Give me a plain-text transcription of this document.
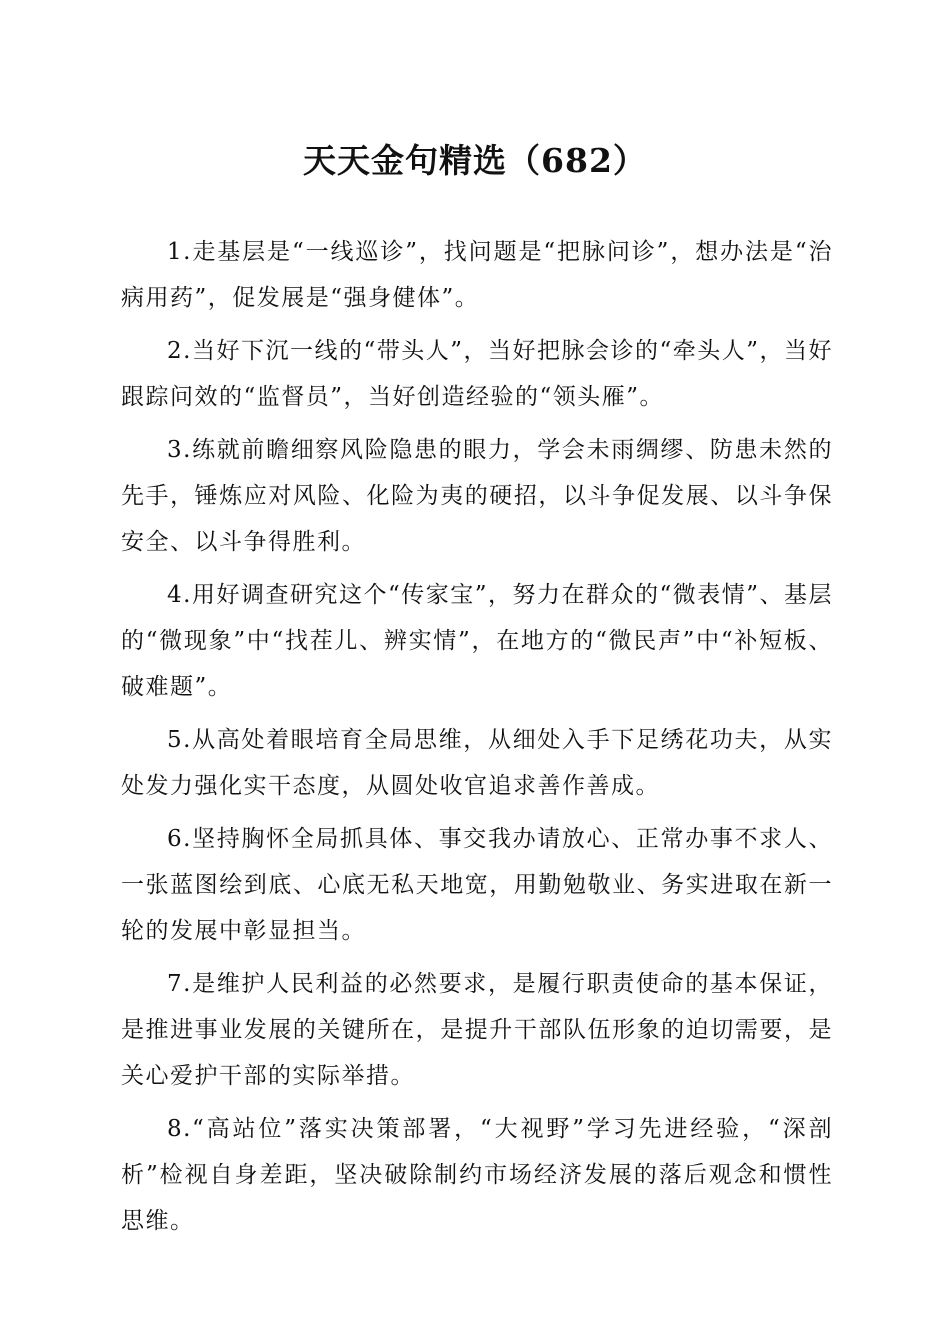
天天金句精选（682）

1.走基层是“一线巡诊”，找问题是“把脉问诊”，想办法是“治病用药”，促发展是“强身健体”。

2.当好下沉一线的“带头人”，当好把脉会诊的“牵头人”，当好跟踪问效的“监督员”，当好创造经验的“领头雁”。

3.练就前瞻细察风险隐患的眼力，学会未雨绸缪、防患未然的先手，锤炼应对风险、化险为夷的硬招，以斗争促发展、以斗争保安全、以斗争得胜利。

4.用好调查研究这个“传家宝”，努力在群众的“微表情”、基层的“微现象”中“找茬儿、辨实情”，在地方的“微民声”中“补短板、破难题”。

5.从高处着眼培育全局思维，从细处入手下足绣花功夫，从实处发力强化实干态度，从圆处收官追求善作善成。

6.坚持胸怀全局抓具体、事交我办请放心、正常办事不求人、一张蓝图绘到底、心底无私天地宽，用勤勉敬业、务实进取在新一轮的发展中彰显担当。

7.是维护人民利益的必然要求，是履行职责使命的基本保证，是推进事业发展的关键所在，是提升干部队伍形象的迫切需要，是关心爱护干部的实际举措。

8.“高站位”落实决策部署，“大视野”学习先进经验，“深剖析”检视自身差距，坚决破除制约市场经济发展的落后观念和惯性思维。
